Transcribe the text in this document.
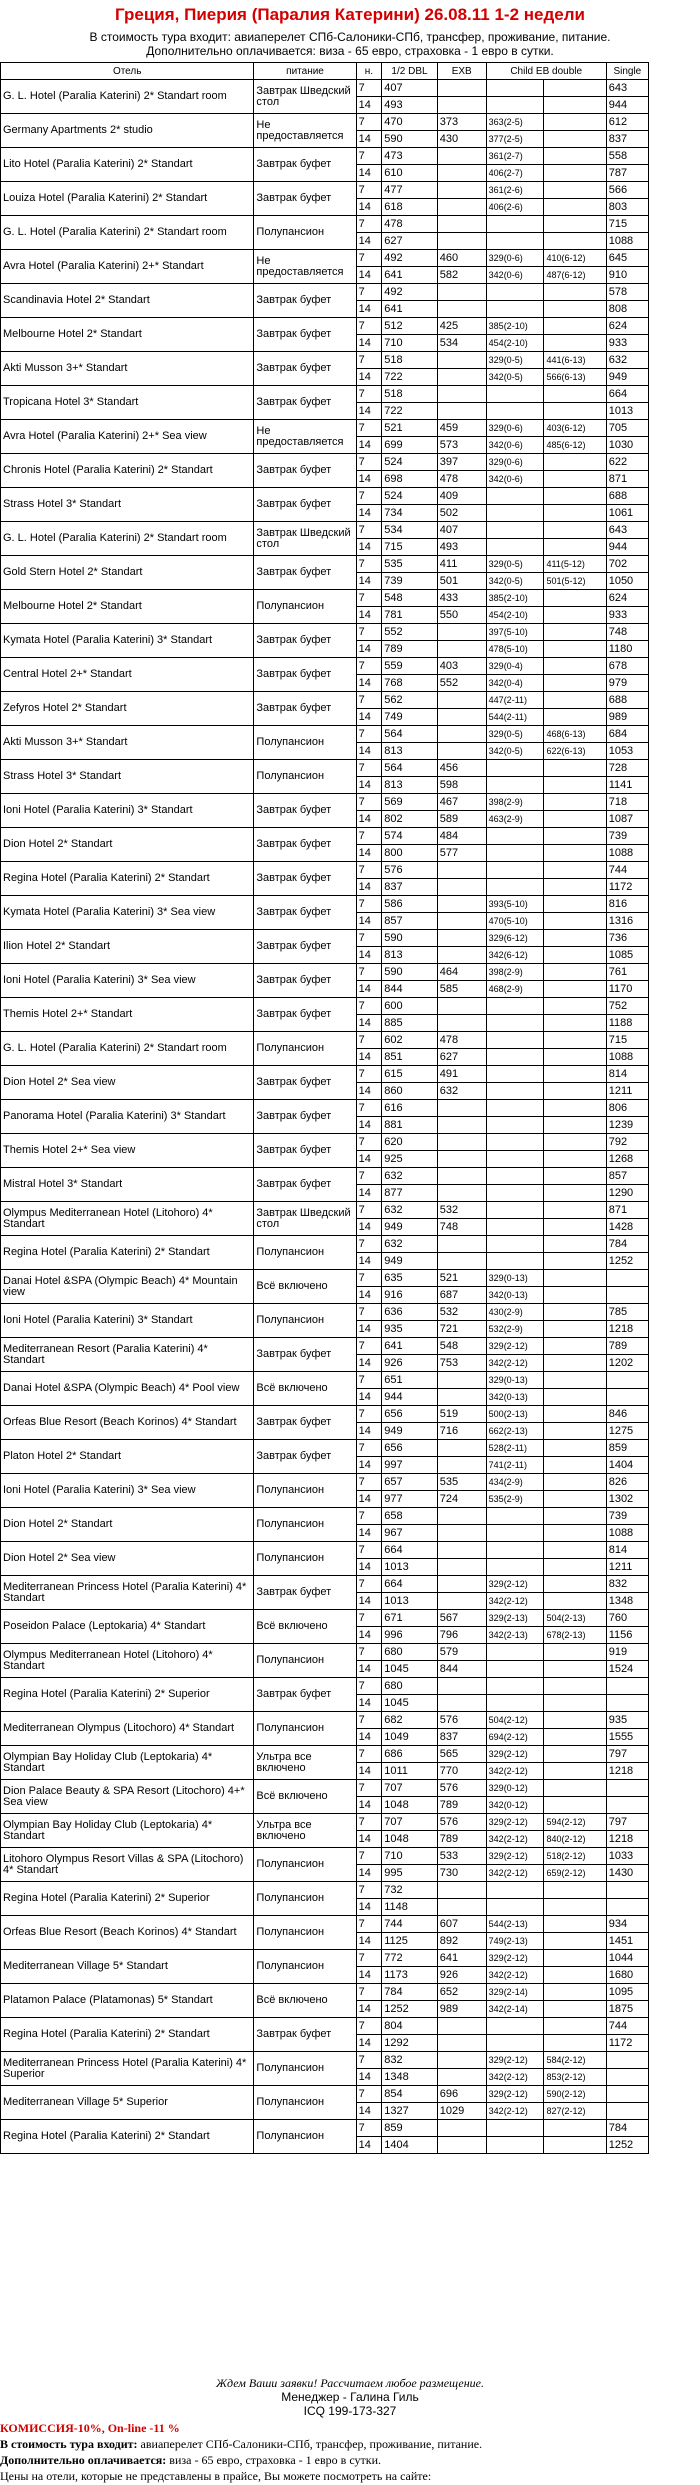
Греция, Пиерия (Паралия Катерини) 26.08.11 1-2 недели
В стоимость тура входит: авиаперелет СПб-Салоники-СПб, трансфер, проживание, питание.
Дополнительно оплачивается: виза - 65 евро, страховка - 1 евро в сутки.
Отель	питание	н.	1/2 DBL	EXB	Child EB double		Single
G. L. Hotel (Paralia Katerini) 2* Standart room	Завтрак Шведский стол	7	407				643
		14	493				944
Germany Apartments 2* studio	Не предоставляется	7	470	373	363(2-5)		612
		14	590	430	377(2-5)		837
Lito Hotel (Paralia Katerini) 2* Standart	Завтрак буфет	7	473		361(2-7)		558
		14	610		406(2-7)		787
Louiza Hotel (Paralia Katerini) 2* Standart	Завтрак буфет	7	477		361(2-6)		566
		14	618		406(2-6)		803
G. L. Hotel (Paralia Katerini) 2* Standart room	Полупансион	7	478				715
		14	627				1088
Avra Hotel (Paralia Katerini) 2+* Standart	Не предоставляется	7	492	460	329(0-6)	410(6-12)	645
		14	641	582	342(0-6)	487(6-12)	910
Scandinavia Hotel 2* Standart	Завтрак буфет	7	492				578
		14	641				808
Melbourne Hotel 2* Standart	Завтрак буфет	7	512	425	385(2-10)		624
		14	710	534	454(2-10)		933
Akti Musson 3+* Standart	Завтрак буфет	7	518		329(0-5)	441(6-13)	632
		14	722		342(0-5)	566(6-13)	949
Tropicana Hotel 3* Standart	Завтрак буфет	7	518				664
		14	722				1013
Avra Hotel (Paralia Katerini) 2+* Sea view	Не предоставляется	7	521	459	329(0-6)	403(6-12)	705
		14	699	573	342(0-6)	485(6-12)	1030
Chronis Hotel (Paralia Katerini) 2* Standart	Завтрак буфет	7	524	397	329(0-6)		622
		14	698	478	342(0-6)		871
Strass Hotel 3* Standart	Завтрак буфет	7	524	409			688
		14	734	502			1061
G. L. Hotel (Paralia Katerini) 2* Standart room	Завтрак Шведский стол	7	534	407			643
		14	715	493			944
Gold Stern Hotel 2* Standart	Завтрак буфет	7	535	411	329(0-5)	411(5-12)	702
		14	739	501	342(0-5)	501(5-12)	1050
Melbourne Hotel 2* Standart	Полупансион	7	548	433	385(2-10)		624
		14	781	550	454(2-10)		933
Kymata Hotel (Paralia Katerini) 3* Standart	Завтрак буфет	7	552		397(5-10)		748
		14	789		478(5-10)		1180
Central Hotel 2+* Standart	Завтрак буфет	7	559	403	329(0-4)		678
		14	768	552	342(0-4)		979
Zefyros Hotel 2* Standart	Завтрак буфет	7	562		447(2-11)		688
		14	749		544(2-11)		989
Akti Musson 3+* Standart	Полупансион	7	564		329(0-5)	468(6-13)	684
		14	813		342(0-5)	622(6-13)	1053
Strass Hotel 3* Standart	Полупансион	7	564	456			728
		14	813	598			1141
Ioni Hotel (Paralia Katerini) 3* Standart	Завтрак буфет	7	569	467	398(2-9)		718
		14	802	589	463(2-9)		1087
Dion Hotel 2* Standart	Завтрак буфет	7	574	484			739
		14	800	577			1088
Regina Hotel (Paralia Katerini) 2* Standart	Завтрак буфет	7	576				744
		14	837				1172
Kymata Hotel (Paralia Katerini) 3* Sea view	Завтрак буфет	7	586		393(5-10)		816
		14	857		470(5-10)		1316
Ilion Hotel 2* Standart	Завтрак буфет	7	590		329(6-12)		736
		14	813		342(6-12)		1085
Ioni Hotel (Paralia Katerini) 3* Sea view	Завтрак буфет	7	590	464	398(2-9)		761
		14	844	585	468(2-9)		1170
Themis Hotel 2+* Standart	Завтрак буфет	7	600				752
		14	885				1188
G. L. Hotel (Paralia Katerini) 2* Standart room	Полупансион	7	602	478			715
		14	851	627			1088
Dion Hotel 2* Sea view	Завтрак буфет	7	615	491			814
		14	860	632			1211
Panorama Hotel (Paralia Katerini) 3* Standart	Завтрак буфет	7	616				806
		14	881				1239
Themis Hotel 2+* Sea view	Завтрак буфет	7	620				792
		14	925				1268
Mistral Hotel 3* Standart	Завтрак буфет	7	632				857
		14	877				1290
Olympus Mediterranean Hotel (Litohoro) 4* Standart	Завтрак Шведский стол	7	632	532			871
		14	949	748			1428
Regina Hotel (Paralia Katerini) 2* Standart	Полупансион	7	632				784
		14	949				1252
Danai Hotel &SPA (Olympic Beach) 4* Mountain view	Всё включено	7	635	521	329(0-13)		
		14	916	687	342(0-13)		
Ioni Hotel (Paralia Katerini) 3* Standart	Полупансион	7	636	532	430(2-9)		785
		14	935	721	532(2-9)		1218
Mediterranean Resort (Paralia Katerini) 4* Standart	Завтрак буфет	7	641	548	329(2-12)		789
		14	926	753	342(2-12)		1202
Danai Hotel &SPA (Olympic Beach) 4* Pool view	Всё включено	7	651		329(0-13)		
		14	944		342(0-13)		
Orfeas Blue Resort (Beach Korinos) 4* Standart	Завтрак буфет	7	656	519	500(2-13)		846
		14	949	716	662(2-13)		1275
Platon Hotel 2* Standart	Завтрак буфет	7	656		528(2-11)		859
		14	997		741(2-11)		1404
Ioni Hotel (Paralia Katerini) 3* Sea view	Полупансион	7	657	535	434(2-9)		826
		14	977	724	535(2-9)		1302
Dion Hotel 2* Standart	Полупансион	7	658				739
		14	967				1088
Dion Hotel 2* Sea view	Полупансион	7	664				814
		14	1013				1211
Mediterranean Princess Hotel (Paralia Katerini) 4* Standart	Завтрак буфет	7	664		329(2-12)		832
		14	1013		342(2-12)		1348
Poseidon Palace (Leptokaria) 4* Standart	Всё включено	7	671	567	329(2-13)	504(2-13)	760
		14	996	796	342(2-13)	678(2-13)	1156
Olympus Mediterranean Hotel (Litohoro) 4* Standart	Полупансион	7	680	579			919
		14	1045	844			1524
Regina Hotel (Paralia Katerini) 2* Superior	Завтрак буфет	7	680				
		14	1045				
Mediterranean Olympus (Litochoro) 4* Standart	Полупансион	7	682	576	504(2-12)		935
		14	1049	837	694(2-12)		1555
Olympian Bay Holiday Club (Leptokaria) 4* Standart	Ультра все включено	7	686	565	329(2-12)		797
		14	1011	770	342(2-12)		1218
Dion Palace Beauty & SPA Resort (Litochoro) 4+* Sea view	Всё включено	7	707	576	329(0-12)		
		14	1048	789	342(0-12)		
Olympian Bay Holiday Club (Leptokaria) 4* Standart	Ультра все включено	7	707	576	329(2-12)	594(2-12)	797
		14	1048	789	342(2-12)	840(2-12)	1218
Litohoro Olympus Resort Villas & SPA (Litochoro) 4* Standart	Полупансион	7	710	533	329(2-12)	518(2-12)	1033
		14	995	730	342(2-12)	659(2-12)	1430
Regina Hotel (Paralia Katerini) 2* Superior	Полупансион	7	732				
		14	1148				
Orfeas Blue Resort (Beach Korinos) 4* Standart	Полупансион	7	744	607	544(2-13)		934
		14	1125	892	749(2-13)		1451
Mediterranean Village 5* Standart	Полупансион	7	772	641	329(2-12)		1044
		14	1173	926	342(2-12)		1680
Platamon Palace (Platamonas) 5* Standart	Всё включено	7	784	652	329(2-14)		1095
		14	1252	989	342(2-14)		1875
Regina Hotel (Paralia Katerini) 2* Standart	Завтрак буфет	7	804				744
		14	1292				1172
Mediterranean Princess Hotel (Paralia Katerini) 4* Superior	Полупансион	7	832		329(2-12)	584(2-12)	
		14	1348		342(2-12)	853(2-12)	
Mediterranean Village 5* Superior	Полупансион	7	854	696	329(2-12)	590(2-12)	
		14	1327	1029	342(2-12)	827(2-12)	
Regina Hotel (Paralia Katerini) 2* Standart	Полупансион	7	859				784
		14	1404				1252
Ждем Ваши заявки! Рассчитаем любое размещение.
Менеджер - Галина Гиль
ICQ 199-173-327
КОМИССИЯ-10%, On-line -11 %
В стоимость тура входит: авиаперелет СПб-Салоники-СПб, трансфер, проживание, питание.
Дополнительно оплачивается: виза - 65 евро, страховка - 1 евро в сутки.
Цены на отели, которые не представлены в прайсе, Вы можете посмотреть на сайте:
